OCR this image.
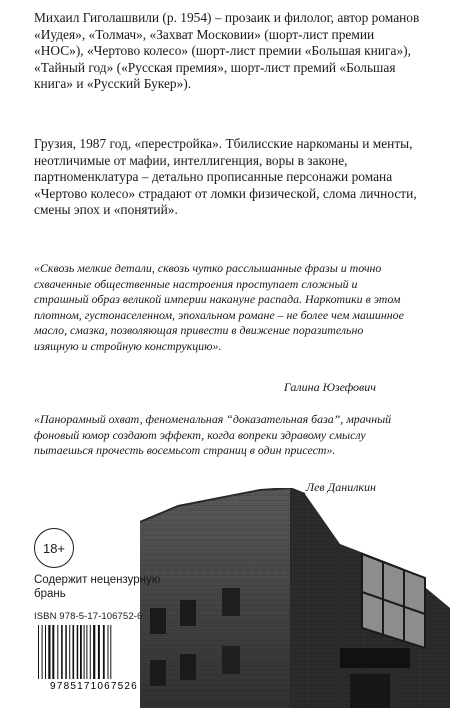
Михаил Гиголашвили (р. 1954) – прозаик и филолог, автор романов «Иудея», «Толмач», «Захват Московии» (шорт-лист премии «НОС»), «Чертово колесо» (шорт-лист премии «Большая книга»), «Тайный год» («Русская премия», шорт-лист премий «Большая книга» и «Русский Букер»).

Грузия, 1987 год, «перестройка». Тбилисские наркоманы и менты, неотличимые от мафии, интеллигенция, воры в законе, партноменклатура – детально прописанные персонажи романа «Чертово колесо» страдают от ломки физической, слома личности, смены эпох и «понятий».

«Сквозь мелкие детали, сквозь чутко расслышанные фразы и точно схваченные общественные настроения проступает сложный и страшный образ великой империи накануне распада. Наркотики в этом плотном, густонаселенном, эпохальном романе – не более чем машинное масло, смазка, позволяющая привести в движение поразительно изящную и стройную конструкцию».

Галина Юзефович

«Панорамный охват, феноменальная “доказательная база”, мрачный фоновый юмор создают эффект, когда вопреки здравому смыслу пытаешься прочесть восемьсот страниц в один присест».

Лев Данилкин

18+

Содержит нецензурную брань

ISBN 978-5-17-106752-6
9785171067526
